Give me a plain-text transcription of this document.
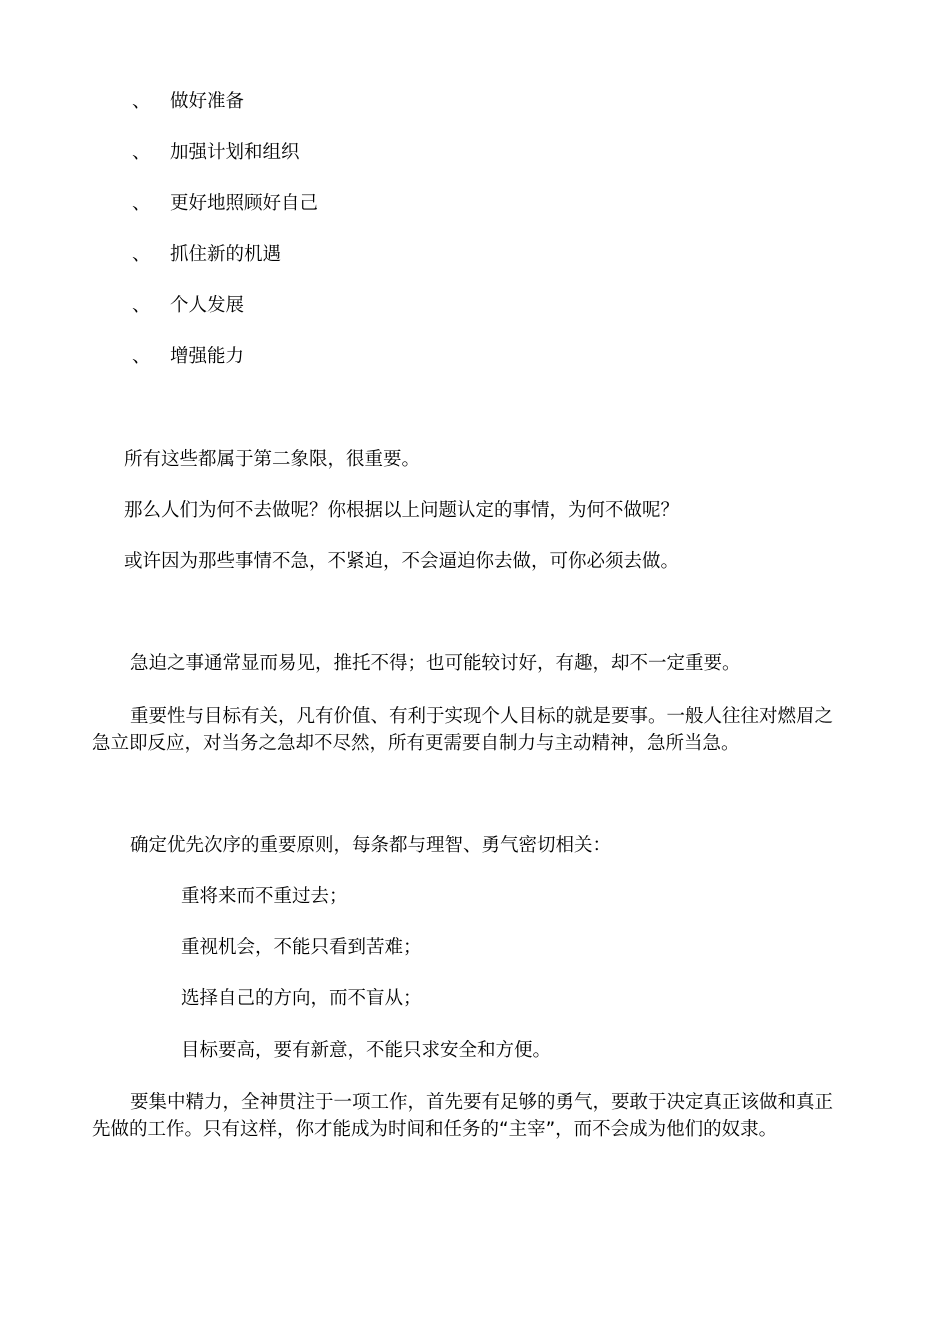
、 做好准备
、 加强计划和组织
、 更好地照顾好自己
、 抓住新的机遇
、 个人发展
、 增强能力
所有这些都属于第二象限，很重要。
那么人们为何不去做呢？你根据以上问题认定的事情，为何不做呢？
或许因为那些事情不急，不紧迫，不会逼迫你去做，可你必须去做。
急迫之事通常显而易见，推托不得；也可能较讨好，有趣，却不一定重要。
重要性与目标有关，凡有价值、有利于实现个人目标的就是要事。一般人往往对燃眉之
急立即反应，对当务之急却不尽然，所有更需要自制力与主动精神，急所当急。
确定优先次序的重要原则，每条都与理智、勇气密切相关：
重将来而不重过去；
重视机会，不能只看到苦难；
选择自己的方向，而不盲从；
目标要高，要有新意，不能只求安全和方便。
要集中精力，全神贯注于一项工作，首先要有足够的勇气，要敢于决定真正该做和真正
先做的工作。只有这样，你才能成为时间和任务的“主宰”，而不会成为他们的奴隶。
